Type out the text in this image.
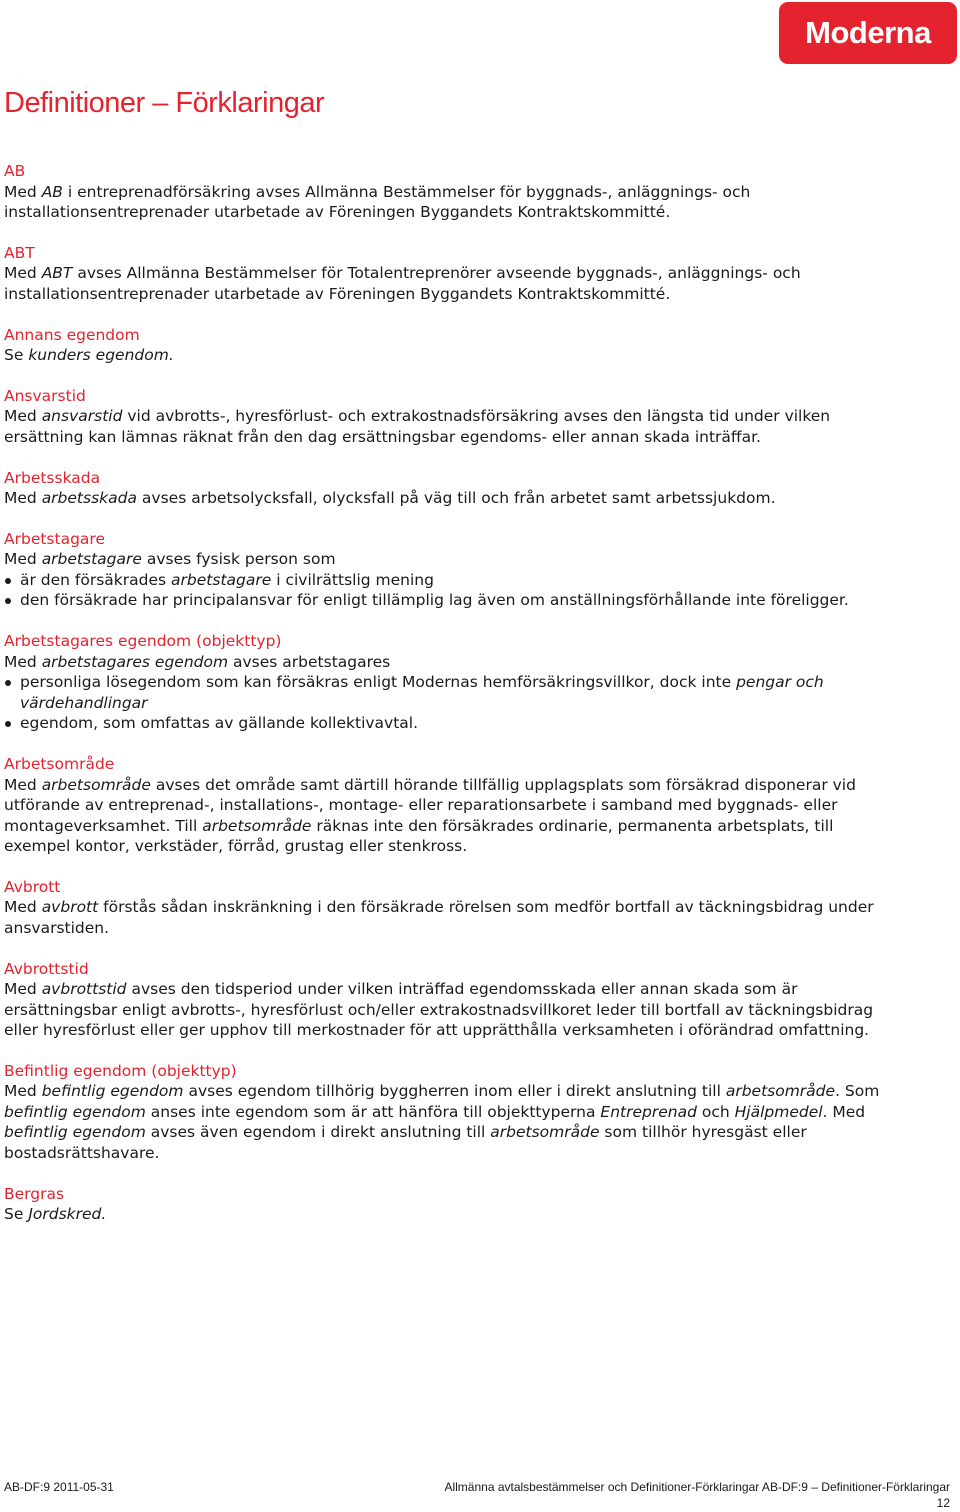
Moderna
Definitioner – Förklaringar
AB
Med AB i entreprenadförsäkring avses Allmänna Bestämmelser för byggnads-, anläggnings- och installationsentreprenader utarbetade av Föreningen Byggandets Kontraktskommitté.
ABT
Med ABT avses Allmänna Bestämmelser för Totalentreprenörer avseende byggnads-, anläggnings- och installationsentreprenader utarbetade av Föreningen Byggandets Kontraktskommitté.
Annans egendom
Se kunders egendom.
Ansvarstid
Med ansvarstid vid avbrotts-, hyresförlust- och extrakostnadsförsäkring avses den längsta tid under vilken ersättning kan lämnas räknat från den dag ersättningsbar egendoms- eller annan skada inträffar.
Arbetsskada
Med arbetsskada avses arbetsolycksfall, olycksfall på väg till och från arbetet samt arbetssjukdom.
Arbetstagare
Med arbetstagare avses fysisk person som
är den försäkrades arbetstagare i civilrättslig mening
den försäkrade har principalansvar för enligt tillämplig lag även om anställningsförhållande inte föreligger.
Arbetstagares egendom (objekttyp)
Med arbetstagares egendom avses arbetstagares
personliga lösegendom som kan försäkras enligt Modernas hemförsäkringsvillkor, dock inte pengar och värdehandlingar
egendom, som omfattas av gällande kollektivavtal.
Arbetsområde
Med arbetsområde avses det område samt därtill hörande tillfällig upplagsplats som försäkrad disponerar vid utförande av entreprenad-, installations-, montage- eller reparationsarbete i samband med byggnads- eller montageverksamhet. Till arbetsområde räknas inte den försäkrades ordinarie, permanenta arbetsplats, till exempel kontor, verkstäder, förråd, grustag eller stenkross.
Avbrott
Med avbrott förstås sådan inskränkning i den försäkrade rörelsen som medför bortfall av täckningsbidrag under ansvarstiden.
Avbrottstid
Med avbrottstid avses den tidsperiod under vilken inträffad egendomsskada eller annan skada som är ersättningsbar enligt avbrotts-, hyresförlust och/eller extrakostnadsvillkoret leder till bortfall av täckningsbidrag eller hyresförlust eller ger upphov till merkostnader för att upprätthålla verksamheten i oförändrad omfattning.
Befintlig egendom (objekttyp)
Med befintlig egendom avses egendom tillhörig byggherren inom eller i direkt anslutning till arbetsområde. Som befintlig egendom anses inte egendom som är att hänföra till objekttyperna Entreprenad och Hjälpmedel. Med befintlig egendom avses även egendom i direkt anslutning till arbetsområde som tillhör hyresgäst eller bostadsrättshavare.
Bergras
Se Jordskred.
AB-DF:9 2011-05-31	Allmänna avtalsbestämmelser och Definitioner-Förklaringar AB-DF:9 – Definitioner-Förklaringar
12
